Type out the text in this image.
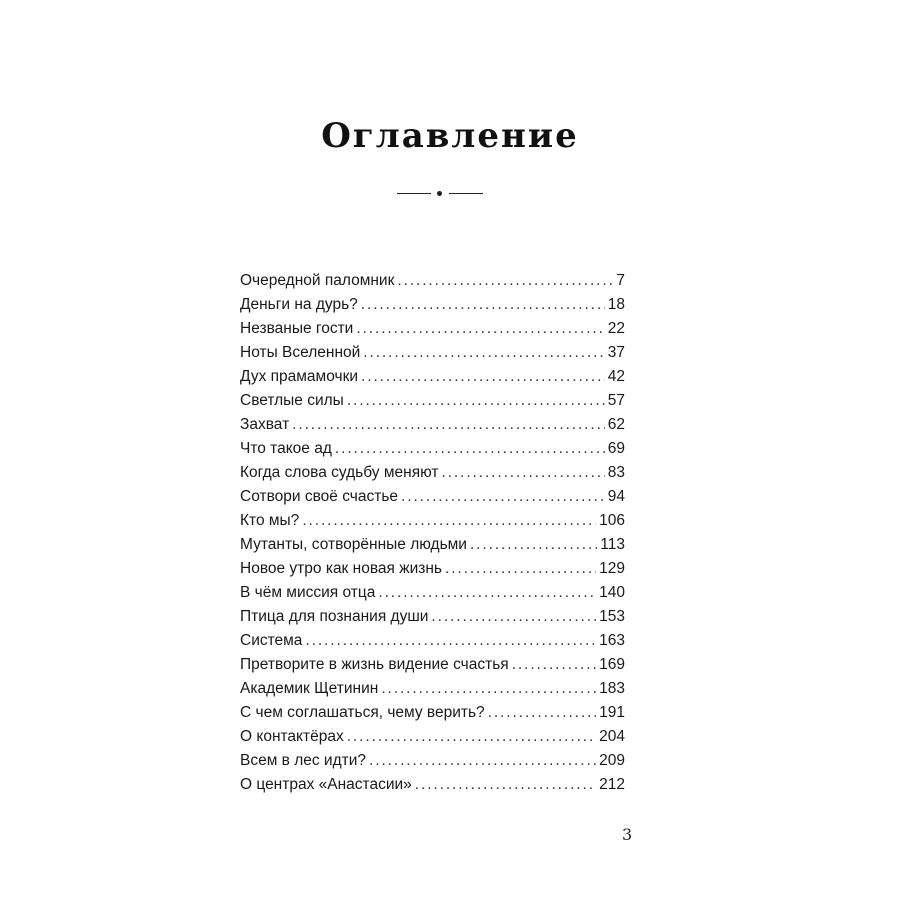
Оглавление
Очередной паломник . . .	7
Деньги на дурь? . . .	18
Незваные гости . . .	22
Ноты Вселенной . . .	37
Дух прамамочки . . .	42
Светлые силы . . .	57
Захват . . .	62
Что такое ад . . .	69
Когда слова судьбу меняют . . .	83
Сотвори своё счастье . . .	94
Кто мы? . . .	106
Мутанты, сотворённые людьми . . .	113
Новое утро как новая жизнь . . .	129
В чём миссия отца . . .	140
Птица для познания души . . .	153
Система . . .	163
Претворите в жизнь видение счастья . . .	169
Академик Щетинин . . .	183
С чем соглашаться, чему верить? . . .	191
О контактёрах . . .	204
Всем в лес идти? . . .	209
О центрах «Анастасии» . . .	212
3
